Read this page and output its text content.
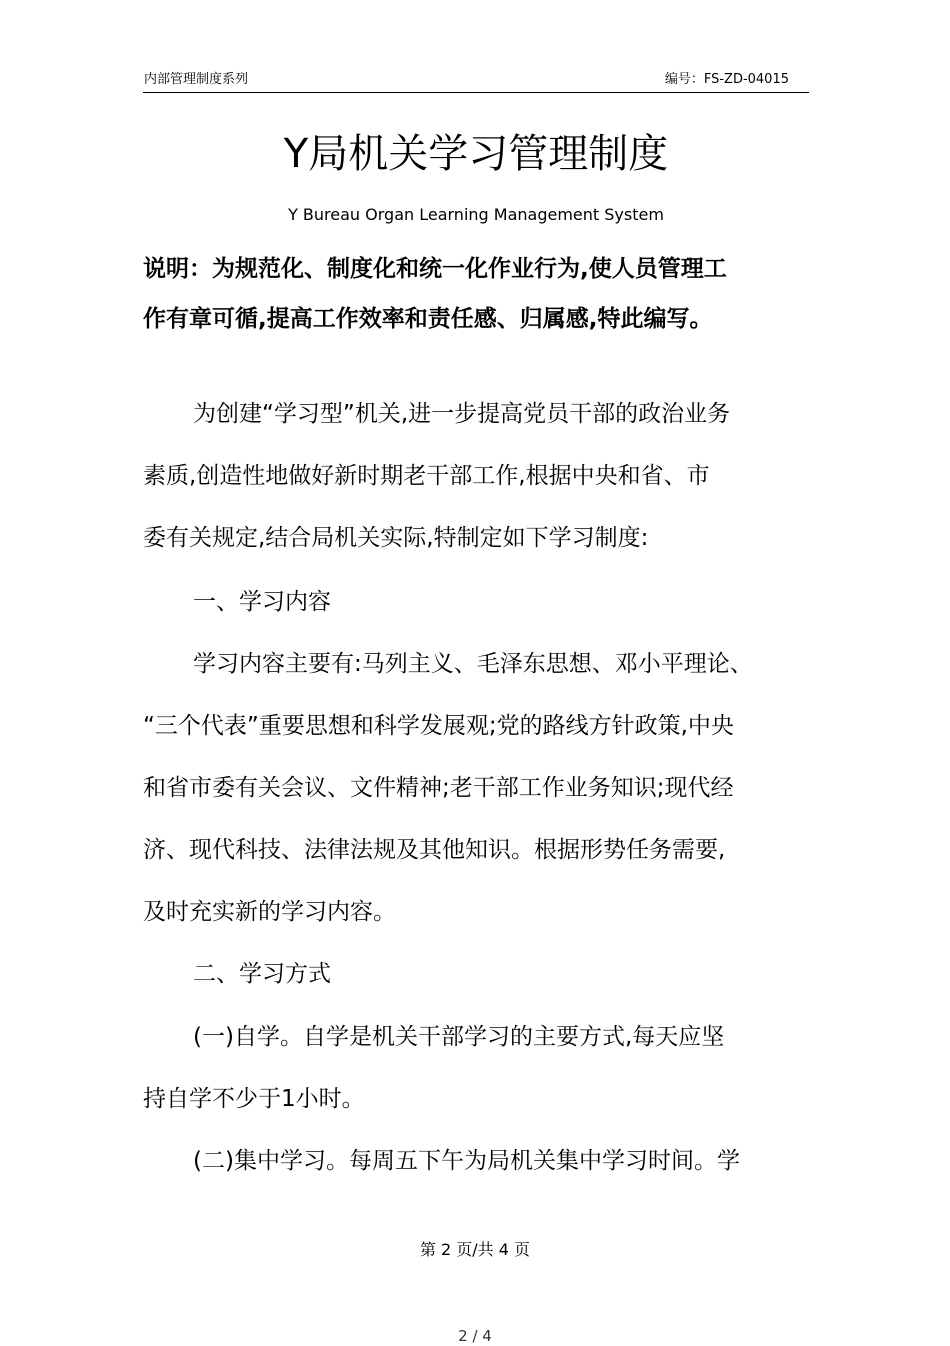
内部管理制度系列	编号：FS-ZD-04015
Y局机关学习管理制度
Y Bureau Organ Learning Management System
说明：为规范化、制度化和统一化作业行为,使人员管理工
作有章可循,提高工作效率和责任感、归属感,特此编写。

为创建“学习型”机关,进一步提高党员干部的政治业务

素质,创造性地做好新时期老干部工作,根据中央和省、市

委有关规定,结合局机关实际,特制定如下学习制度:

一、学习内容

学习内容主要有:马列主义、毛泽东思想、邓小平理论、

“三个代表”重要思想和科学发展观;党的路线方针政策,中央

和省市委有关会议、文件精神;老干部工作业务知识;现代经

济、现代科技、法律法规及其他知识。根据形势任务需要,

及时充实新的学习内容。

二、学习方式

(一)自学。自学是机关干部学习的主要方式,每天应坚

持自学不少于1小时。

(二)集中学习。每周五下午为局机关集中学习时间。学

第 2 页/共 4 页
2 / 4
